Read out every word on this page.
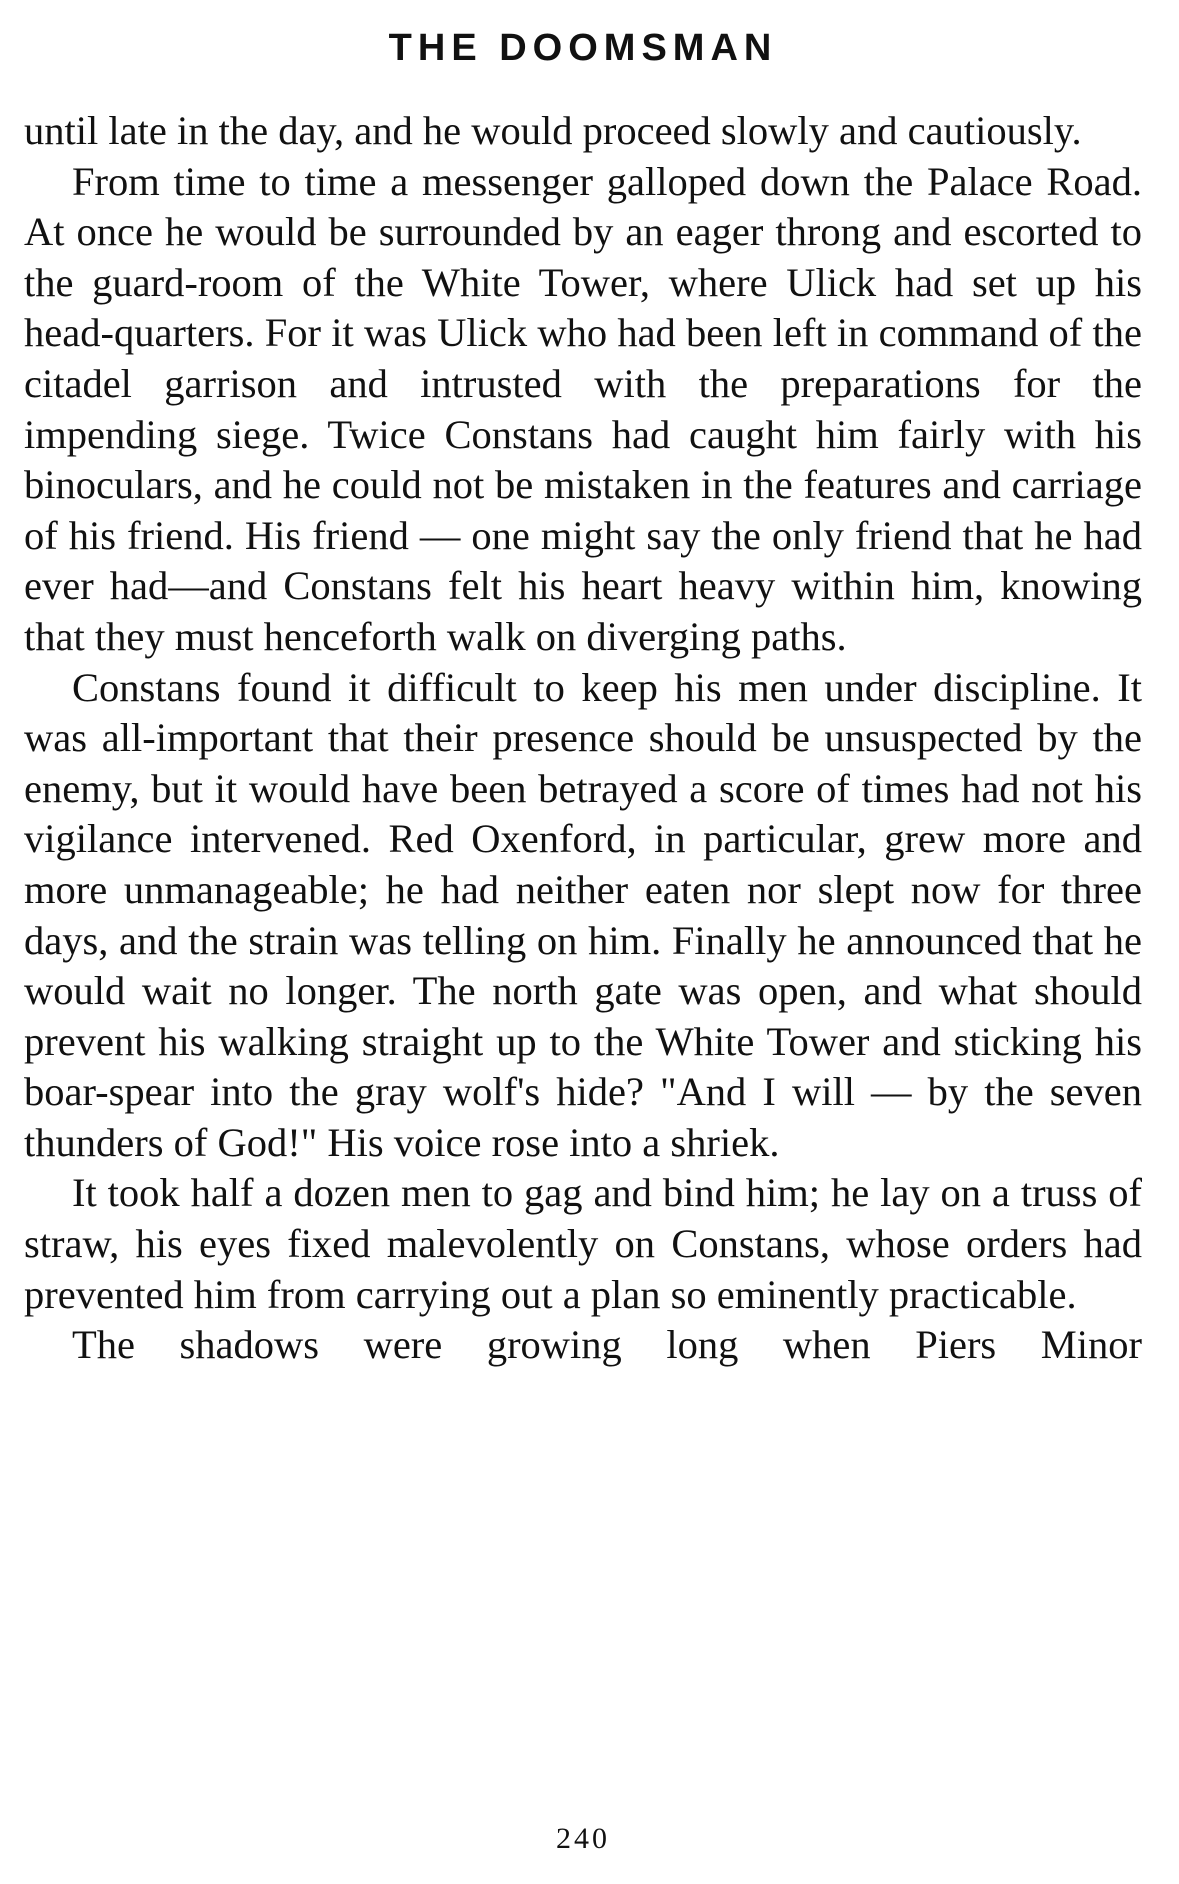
THE DOOMSMAN

until late in the day, and he would proceed slowly and cautiously.

From time to time a messenger galloped down the Palace Road. At once he would be surrounded by an eager throng and escorted to the guard-room of the White Tower, where Ulick had set up his head-quarters. For it was Ulick who had been left in command of the citadel garrison and intrusted with the preparations for the impending siege. Twice Constans had caught him fairly with his binoculars, and he could not be mistaken in the features and carriage of his friend. His friend — one might say the only friend that he had ever had—and Constans felt his heart heavy within him, knowing that they must henceforth walk on diverging paths.

Constans found it difficult to keep his men under discipline. It was all-important that their presence should be unsuspected by the enemy, but it would have been betrayed a score of times had not his vigilance intervened. Red Oxenford, in particular, grew more and more unmanageable; he had neither eaten nor slept now for three days, and the strain was telling on him. Finally he announced that he would wait no longer. The north gate was open, and what should prevent his walking straight up to the White Tower and sticking his boar-spear into the gray wolf's hide? "And I will — by the seven thunders of God!" His voice rose into a shriek.

It took half a dozen men to gag and bind him; he lay on a truss of straw, his eyes fixed malevolently on Constans, whose orders had prevented him from carrying out a plan so eminently practicable.

The shadows were growing long when Piers Minor

240
